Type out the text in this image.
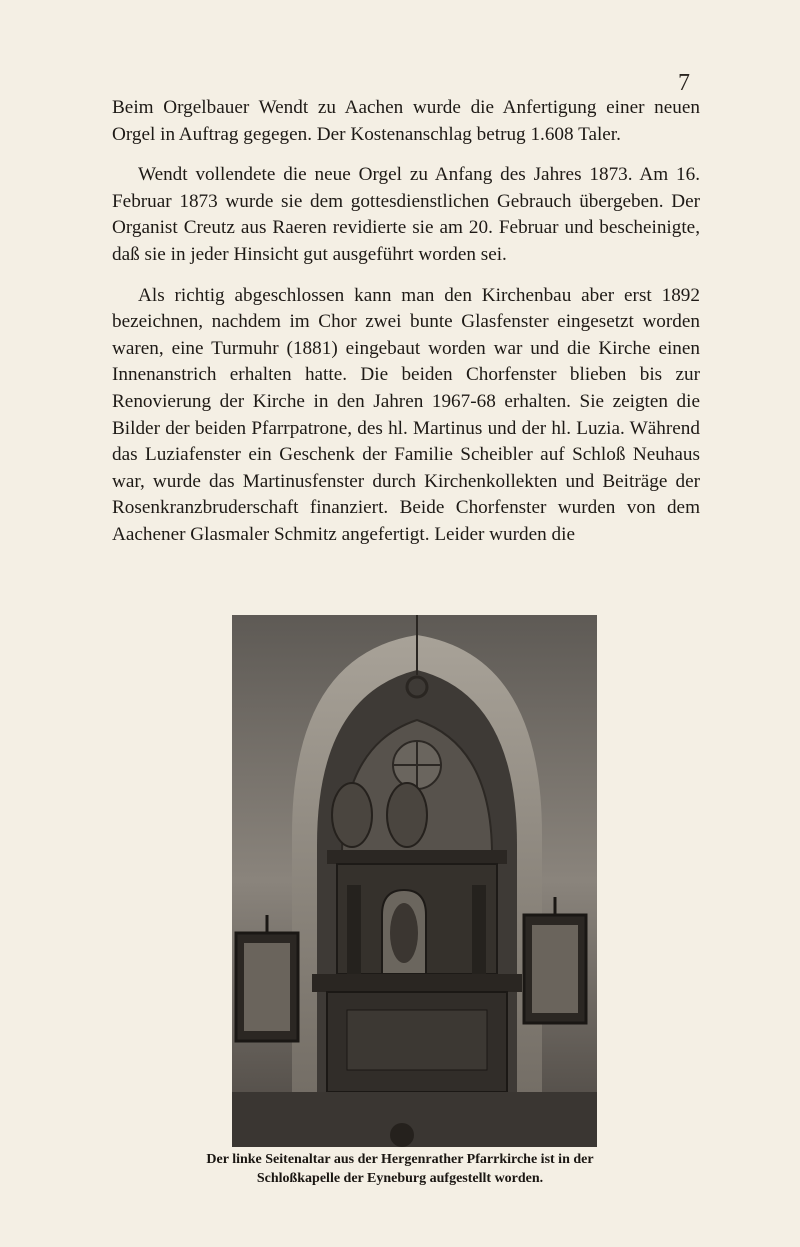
7

Beim Orgelbauer Wendt zu Aachen wurde die Anfertigung einer neuen Orgel in Auftrag gegegen. Der Kostenanschlag betrug 1.608 Taler.

Wendt vollendete die neue Orgel zu Anfang des Jahres 1873. Am 16. Februar 1873 wurde sie dem gottesdienstlichen Gebrauch übergeben. Der Organist Creutz aus Raeren revidierte sie am 20. Februar und bescheinigte, daß sie in jeder Hinsicht gut ausgeführt worden sei.

Als richtig abgeschlossen kann man den Kirchenbau aber erst 1892 bezeichnen, nachdem im Chor zwei bunte Glasfenster eingesetzt worden waren, eine Turmuhr (1881) eingebaut worden war und die Kirche einen Innenanstrich erhalten hatte. Die beiden Chorfenster blieben bis zur Renovierung der Kirche in den Jahren 1967-68 erhalten. Sie zeigten die Bilder der beiden Pfarrpatrone, des hl. Martinus und der hl. Luzia. Während das Luziafenster ein Geschenk der Familie Scheibler auf Schloß Neuhaus war, wurde das Martinusfenster durch Kirchenkollekten und Beiträge der Rosenkranzbruderschaft finanziert. Beide Chorfenster wurden von dem Aachener Glasmaler Schmitz angefertigt. Leider wurden die

Der linke Seitenaltar aus der Hergenrather Pfarrkirche ist in der
Schloßkapelle der Eyneburg aufgestellt worden.
